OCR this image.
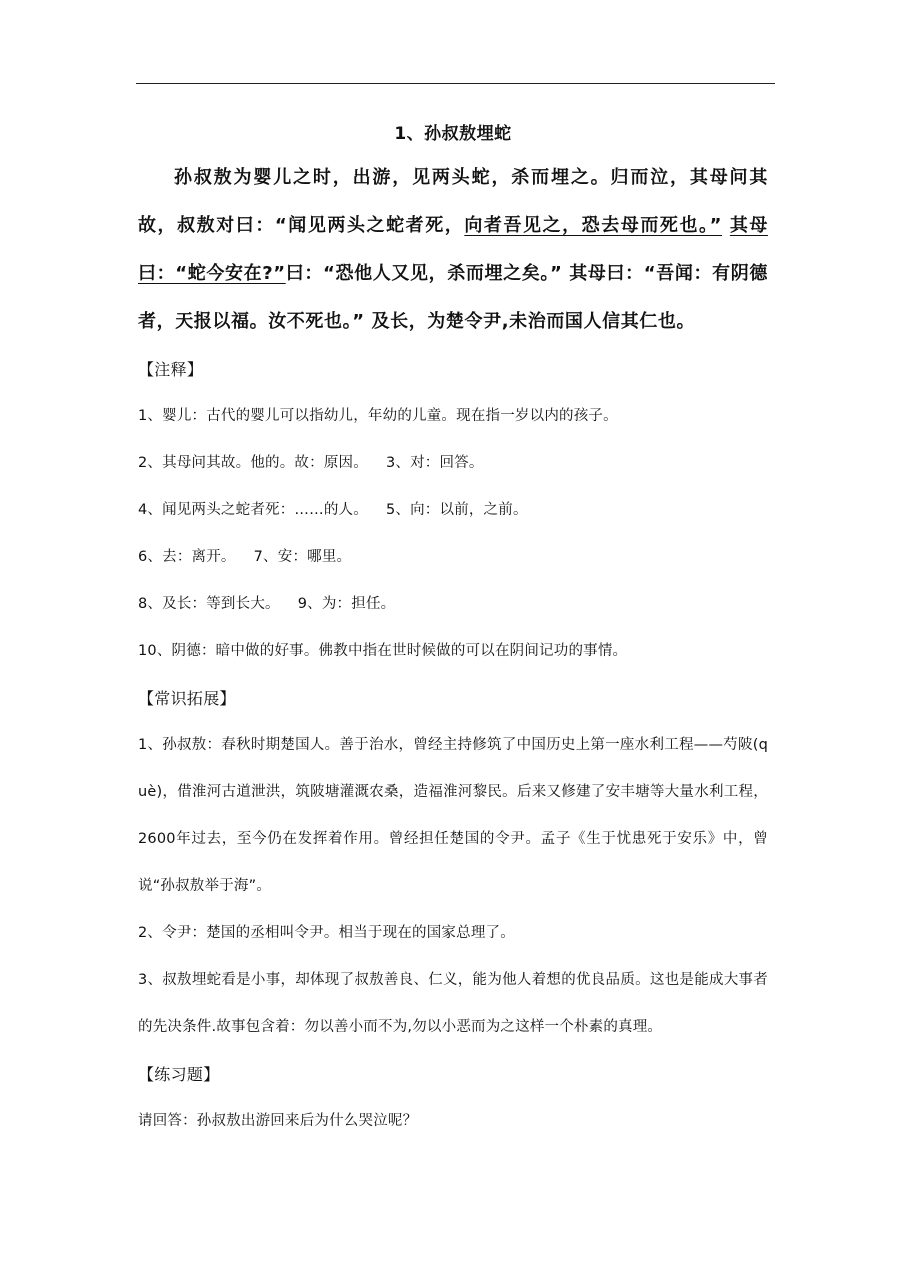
1、孙叔敖埋蛇

孙叔敖为婴儿之时，出游，见两头蛇，杀而埋之。归而泣，其母问其故，叔敖对曰：“闻见两头之蛇者死，向者吾见之，恐去母而死也。” 其母曰：“蛇今安在?”曰：“恐他人又见，杀而埋之矣。” 其母曰：“吾闻：有阴德者，天报以福。汝不死也。” 及长，为楚令尹,未治而国人信其仁也。

【注释】
1、婴儿：古代的婴儿可以指幼儿，年幼的儿童。现在指一岁以内的孩子。
2、其母问其故。他的。故：原因。 3、对：回答。
4、闻见两头之蛇者死：……的人。 5、向：以前，之前。
6、去：离开。 7、安：哪里。
8、及长：等到长大。 9、为：担任。
10、阴德：暗中做的好事。佛教中指在世时候做的可以在阴间记功的事情。
【常识拓展】

1、孙叔敖：春秋时期楚国人。善于治水，曾经主持修筑了中国历史上第一座水利工程——芍陂(què)，借淮河古道泄洪，筑陂塘灌溉农桑，造福淮河黎民。后来又修建了安丰塘等大量水利工程，2600年过去，至今仍在发挥着作用。曾经担任楚国的令尹。孟子《生于忧患死于安乐》中，曾说“孙叔敖举于海”。

2、令尹：楚国的丞相叫令尹。相当于现在的国家总理了。

3、叔敖埋蛇看是小事，却体现了叔敖善良、仁义，能为他人着想的优良品质。这也是能成大事者的先决条件.故事包含着：勿以善小而不为,勿以小恶而为之这样一个朴素的真理。

【练习题】
请回答：孙叔敖出游回来后为什么哭泣呢？
